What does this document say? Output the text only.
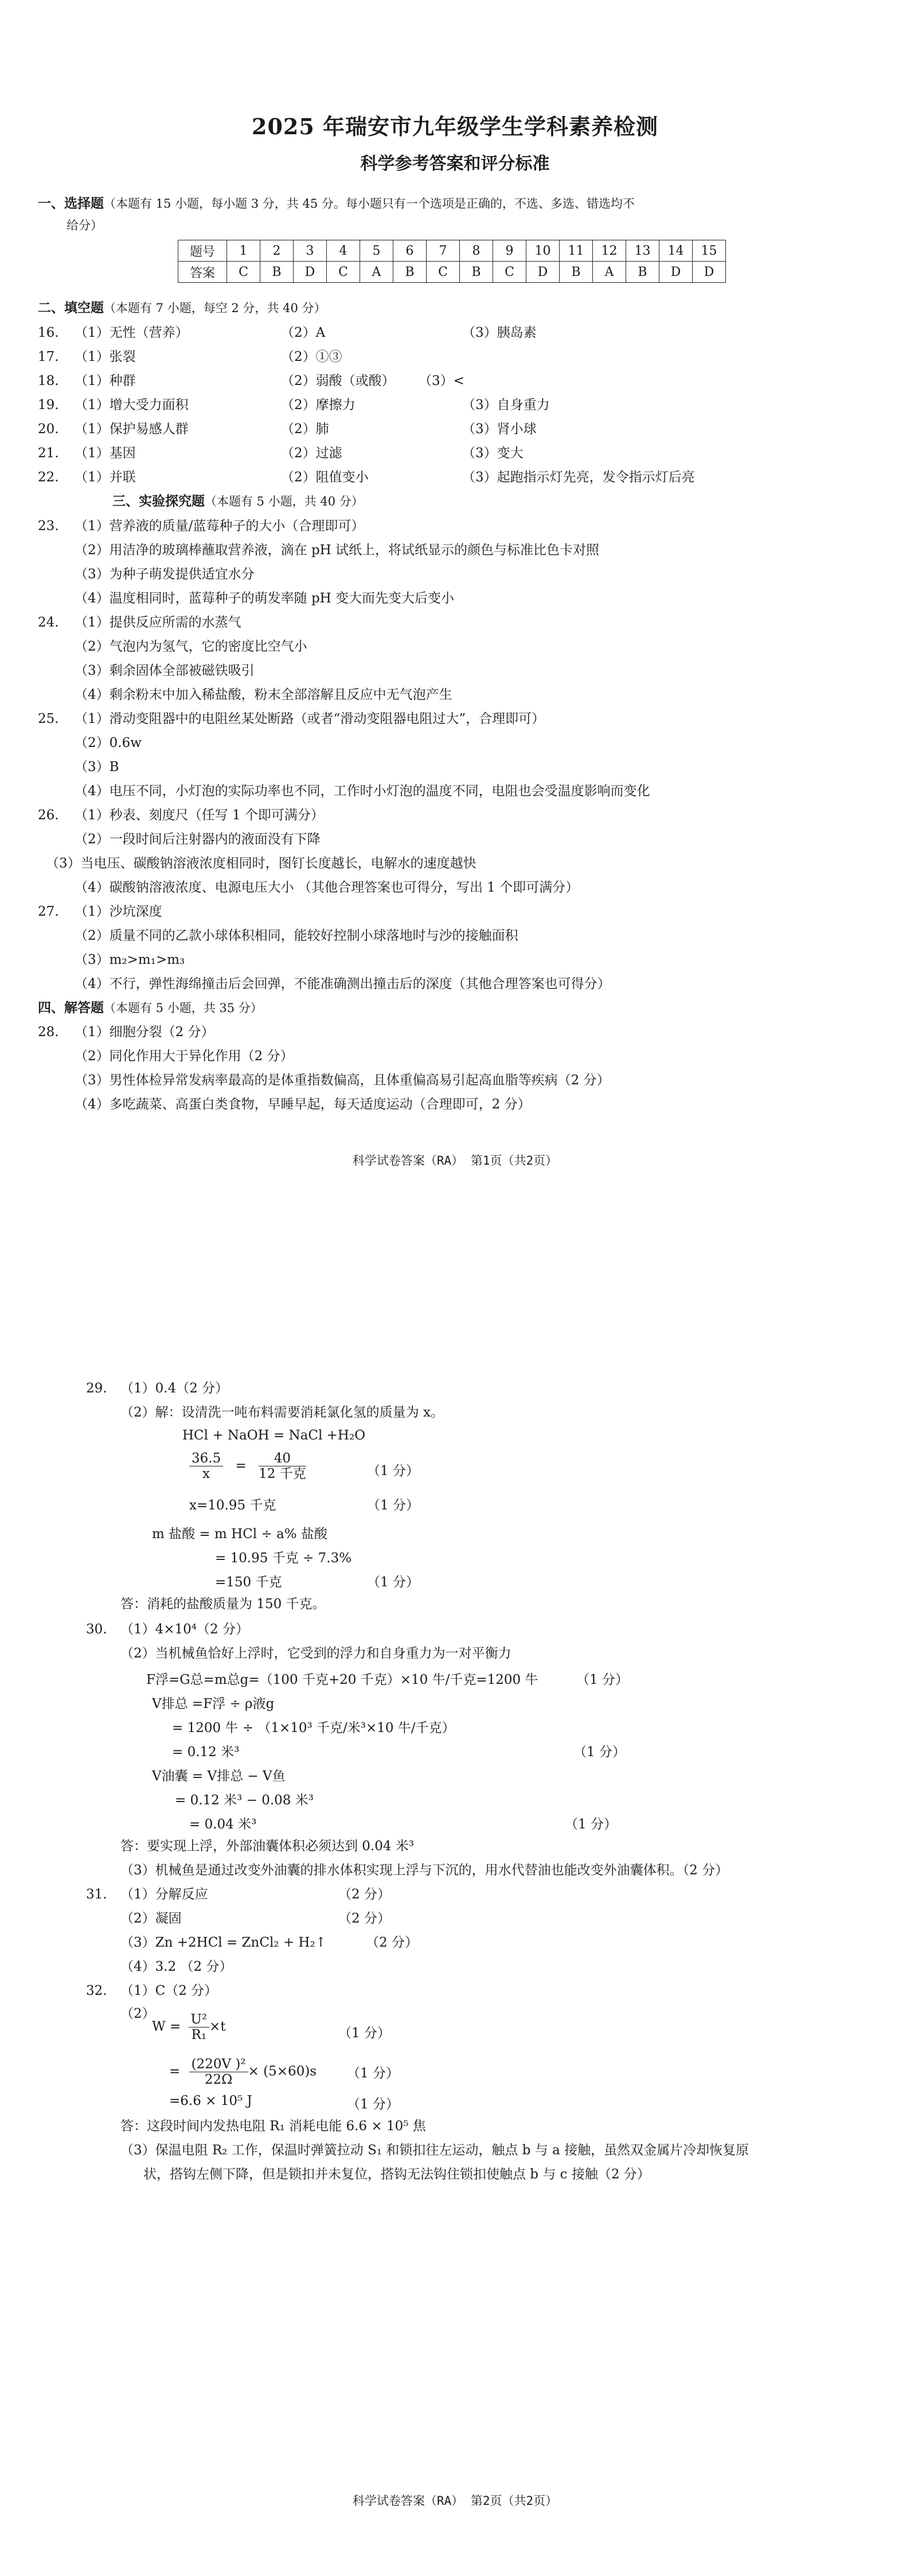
2025 年瑞安市九年级学生学科素养检测
科学参考答案和评分标准
一、选择题（本题有 15 小题，每小题 3 分，共 45 分。每小题只有一个选项是正确的，不选、多选、错选均不
给分）
题号	1	2	3	4	5	6	7	8	9	10	11	12	13	14	15
答案	C	B	D	C	A	B	C	B	C	D	B	A	B	D	D
二、填空题（本题有 7 小题，每空 2 分，共 40 分）
16. （1）无性（营养）	（2）A	（3）胰岛素
17. （1）张裂	（2）①③
18. （1）种群	（2）弱酸（或酸） （3）<
19. （1）增大受力面积	（2）摩擦力	（3）自身重力
20. （1）保护易感人群	（2）肺	（3）肾小球
21. （1）基因	（2）过滤	（3）变大
22. （1）并联	（2）阻值变小	（3）起跑指示灯先亮，发令指示灯后亮
三、实验探究题（本题有 5 小题，共 40 分）
23. （1）营养液的质量/蓝莓种子的大小（合理即可）
（2）用洁净的玻璃棒蘸取营养液，滴在 pH 试纸上，将试纸显示的颜色与标准比色卡对照
（3）为种子萌发提供适宜水分
（4）温度相同时，蓝莓种子的萌发率随 pH 变大而先变大后变小
24. （1）提供反应所需的水蒸气
（2）气泡内为氢气，它的密度比空气小
（3）剩余固体全部被磁铁吸引
（4）剩余粉末中加入稀盐酸，粉末全部溶解且反应中无气泡产生
25. （1）滑动变阻器中的电阻丝某处断路（或者“滑动变阻器电阻过大”，合理即可）
（2）0.6w
（3）B
（4）电压不同，小灯泡的实际功率也不同，工作时小灯泡的温度不同，电阻也会受温度影响而变化
26. （1）秒表、刻度尺（任写 1 个即可满分）
（2）一段时间后注射器内的液面没有下降
（3）当电压、碳酸钠溶液浓度相同时，图钉长度越长，电解水的速度越快
（4）碳酸钠溶液浓度、电源电压大小 （其他合理答案也可得分，写出 1 个即可满分）
27. （1）沙坑深度
（2）质量不同的乙款小球体积相同，能较好控制小球落地时与沙的接触面积
（3）m₂>m₁>m₃
（4）不行，弹性海绵撞击后会回弹，不能准确测出撞击后的深度（其他合理答案也可得分）
四、解答题（本题有 5 小题，共 35 分）
28. （1）细胞分裂（2 分）
（2）同化作用大于异化作用（2 分）
（3）男性体检异常发病率最高的是体重指数偏高，且体重偏高易引起高血脂等疾病（2 分）
（4）多吃蔬菜、高蛋白类食物，早睡早起，每天适度运动（合理即可，2 分）
科学试卷答案（RA） 第1页（共2页）
29. （1）0.4（2 分）
（2）解：设清洗一吨布料需要消耗氯化氢的质量为 x。
HCl + NaOH = NaCl +H₂O
$\frac{36.5}{x} = \frac{40}{\text{12 千克}}$	（1 分）
x=10.95 千克	（1 分）
m 盐酸 = m HCl ÷ a% 盐酸
= 10.95 千克 ÷ 7.3%
=150 千克	（1 分）
答：消耗的盐酸质量为 150 千克。
30. （1）4×10⁴（2 分）
（2）当机械鱼恰好上浮时，它受到的浮力和自身重力为一对平衡力
F浮=G总=m总g=（100 千克+20 千克）×10 牛/千克=1200 牛	（1 分）
V排总 =F浮 ÷ ρ液g
= 1200 牛 ÷ （1×10³ 千克/米³×10 牛/千克）
= 0.12 米³	（1 分）
V油囊 = V排总 − V鱼
= 0.12 米³ − 0.08 米³
= 0.04 米³	（1 分）
答：要实现上浮，外部油囊体积必须达到 0.04 米³
（3）机械鱼是通过改变外油囊的排水体积实现上浮与下沉的，用水代替油也能改变外油囊体积。（2 分）
31. （1）分解反应	（2 分）
（2）凝固	（2 分）
（3）Zn +2HCl = ZnCl₂ + H₂↑	（2 分）
（4）3.2 （2 分）
32. （1）C（2 分）
（2）
$W = \frac{\text{U²}}{\text{R₁}} \times t$	（1 分）
= $\frac{\text{(220V )²}}{22\Omega} \times (5\times 60)s$ （1 分）
=6.6 × 10⁵ J	（1 分）
答：这段时间内发热电阻 R₁ 消耗电能 6.6 × 10⁵ 焦
（3）保温电阻 R₂ 工作，保温时弹簧拉动 S₁ 和锁扣往左运动，触点 b 与 a 接触，虽然双金属片冷却恢复原
状，搭钩左侧下降，但是锁扣并未复位，搭钩无法钩住锁扣使触点 b 与 c 接触（2 分）
科学试卷答案（RA） 第2页（共2页）
